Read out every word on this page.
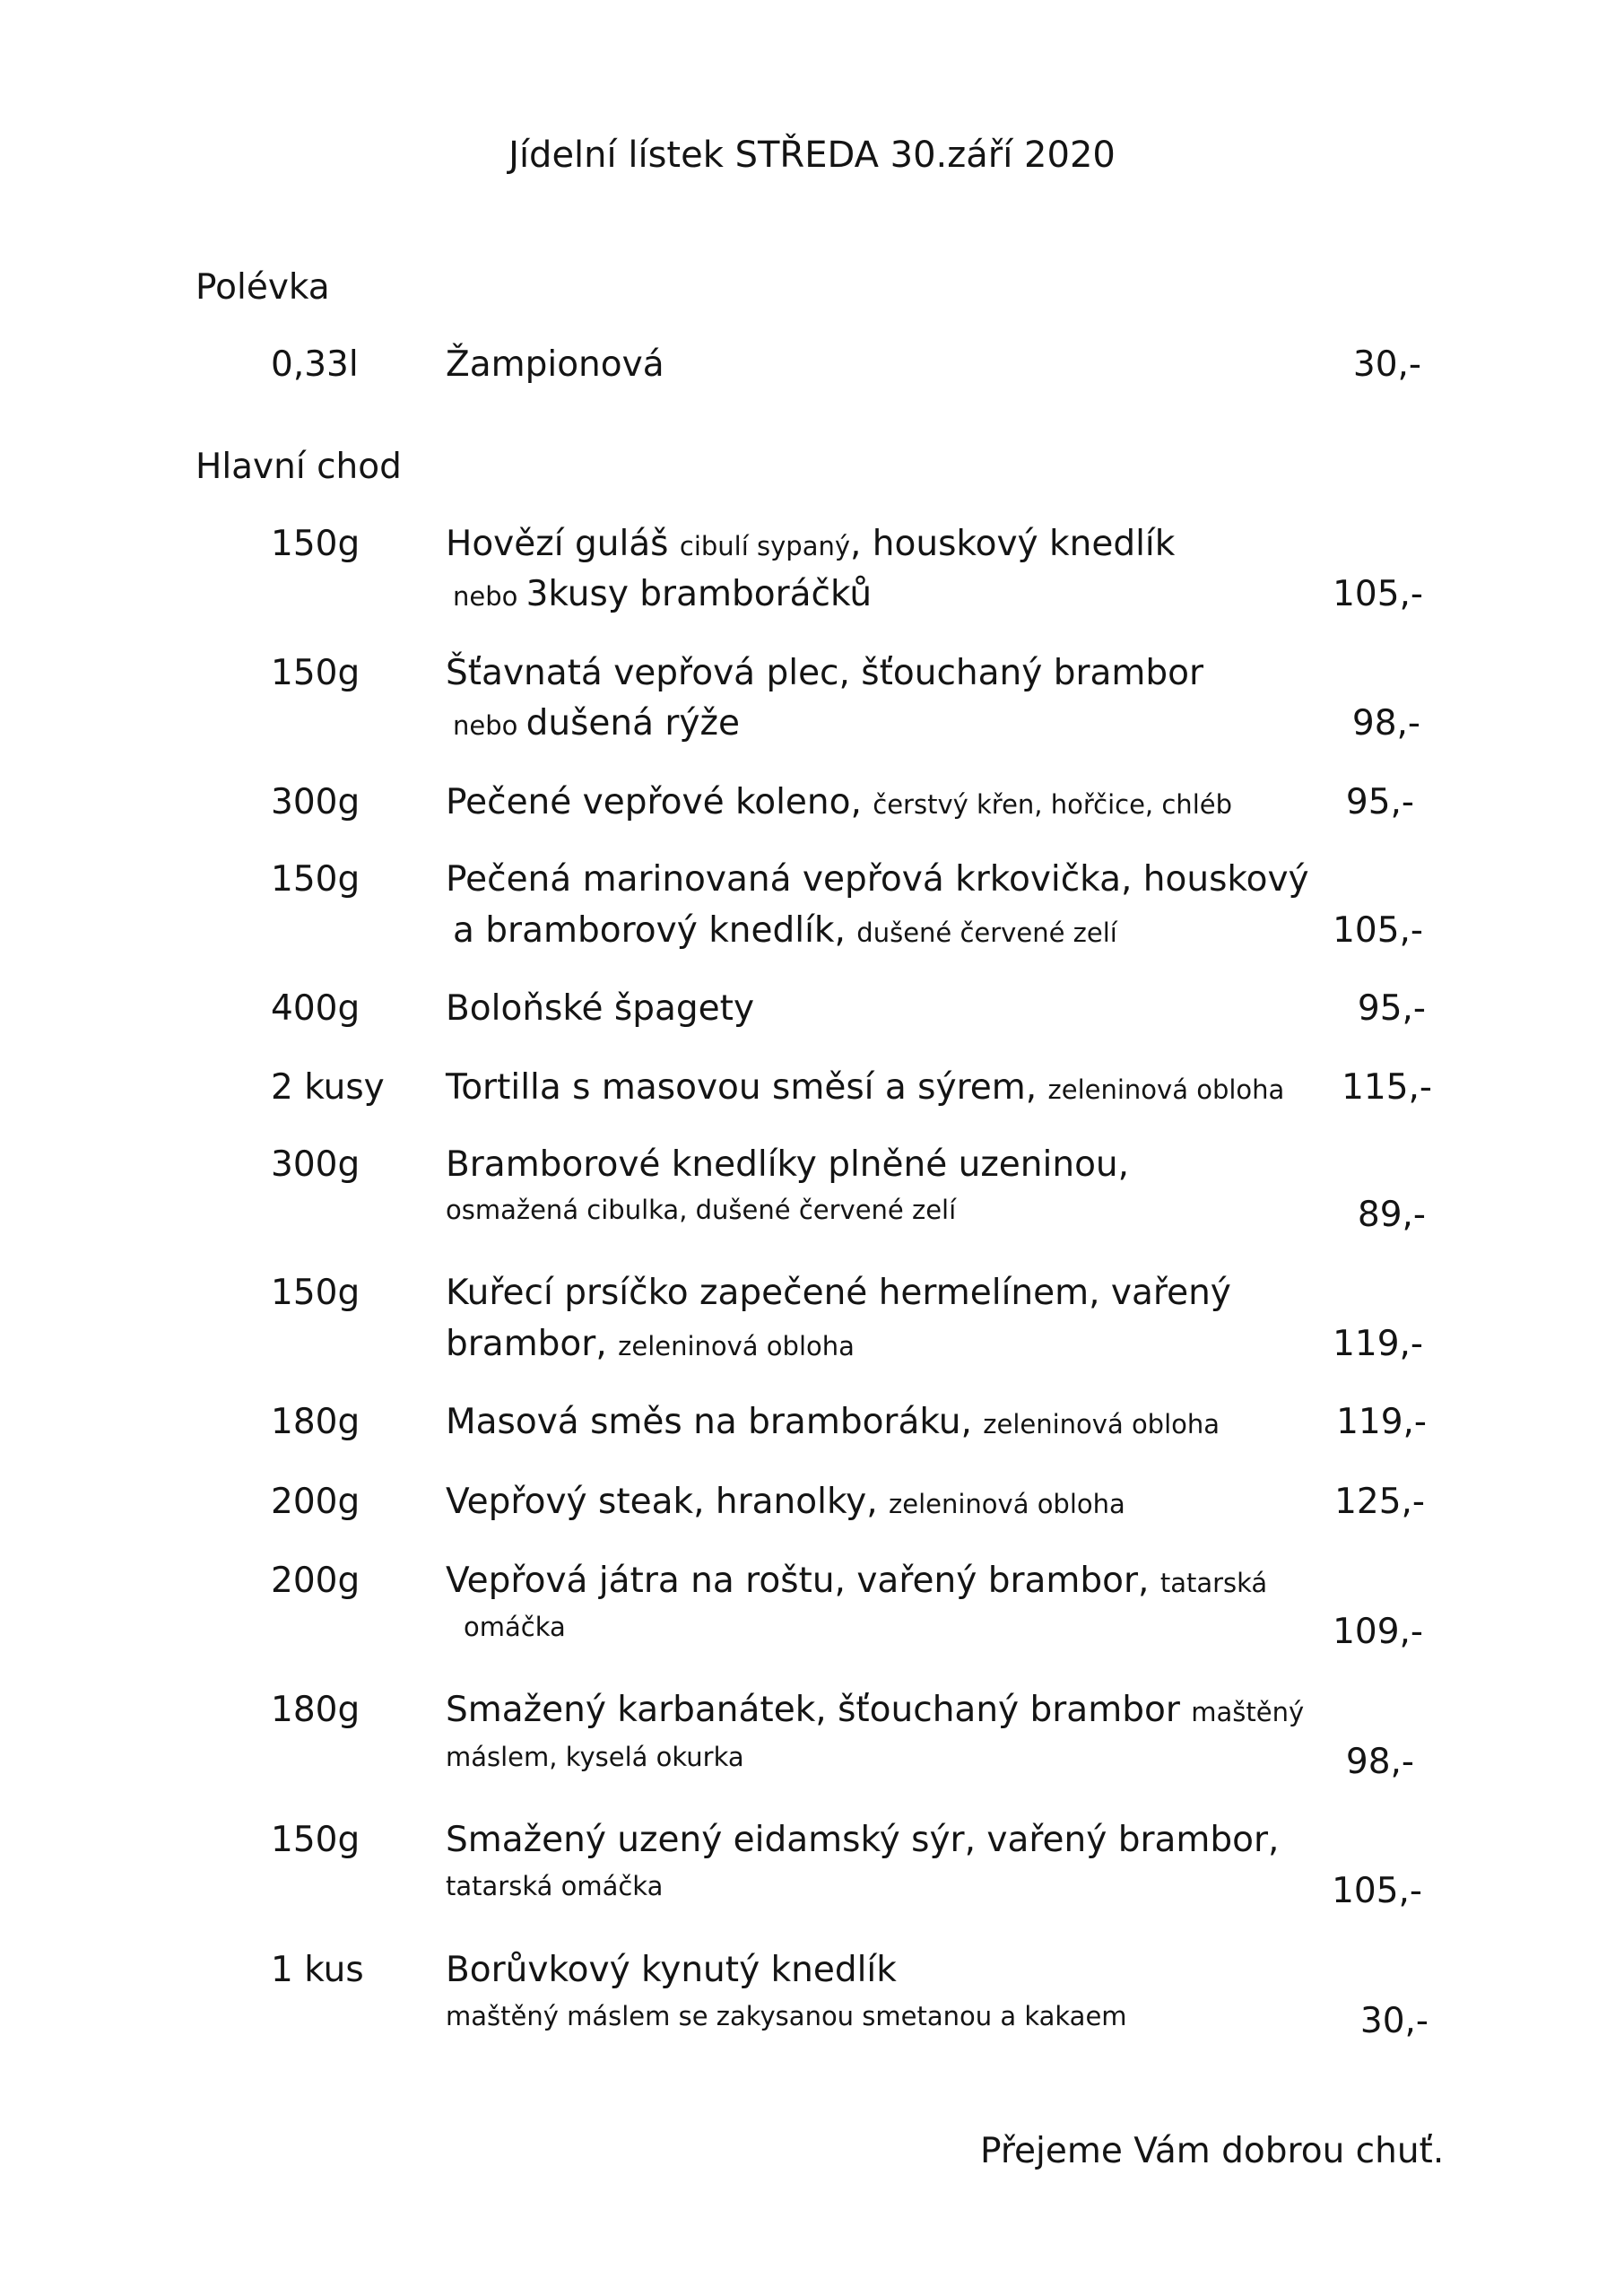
Jídelní lístek STŘEDA 30.září 2020
Polévka
Hlavní chod
0,33l Žampionová	30,-
150g Hovězí guláš cibulí sypaný, houskový knedlík
nebo 3kusy bramboráčků	105,-
150g Šťavnatá vepřová plec, šťouchaný brambor
nebo dušená rýže	98,-
300g Pečené vepřové koleno, čerstvý křen, hořčice, chléb	95,-
150g Pečená marinovaná vepřová krkovička, houskový
a bramborový knedlík, dušené červené zelí	105,-
400g Boloňské špagety	95,-
2 kusy Tortilla s masovou směsí a sýrem, zeleninová obloha 115,-
300g Bramborové knedlíky plněné uzeninou,
osmažená cibulka, dušené červené zelí	89,-
150g Kuřecí prsíčko zapečené hermelínem, vařený
brambor, zeleninová obloha	119,-
180g Masová směs na bramboráku, zeleninová obloha	119,-
200g Vepřový steak, hranolky, zeleninová obloha	125,-
200g Vepřová játra na roštu, vařený brambor, tatarská
omáčka	109,-
180g Smažený karbanátek, šťouchaný brambor maštěný
máslem, kyselá okurka	98,-
150g Smažený uzený eidamský sýr, vařený brambor,
tatarská omáčka	105,-
1 kus Borůvkový kynutý knedlík
maštěný máslem se zakysanou smetanou a kakaem	30,-
Přejeme Vám dobrou chuť.
